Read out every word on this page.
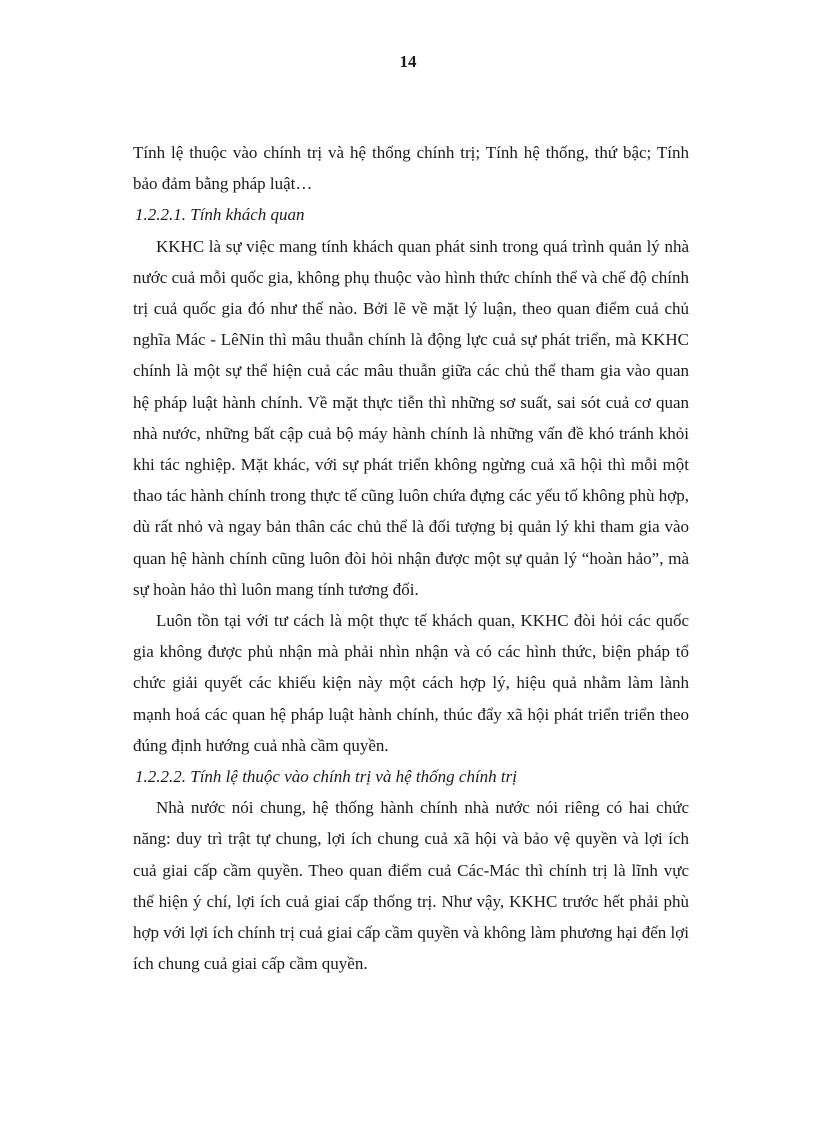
14

Tính lệ thuộc vào chính trị và hệ thống chính trị; Tính hệ thống, thứ bậc; Tính bảo đảm bằng pháp luật…

1.2.2.1. Tính khách quan

KKHC là sự việc mang tính khách quan phát sinh trong quá trình quản lý nhà nước cuả mỗi quốc gia, không phụ thuộc vào hình thức chính thể và chế độ chính trị cuả quốc gia đó như thế nào. Bởi lẽ về mặt lý luận, theo quan điểm cuả chủ nghĩa Mác - LêNin thì mâu thuẫn chính là động lực cuả sự phát triển, mà KKHC chính là một sự thể hiện cuả các mâu thuẫn giữa các chủ thể tham gia vào quan hệ pháp luật hành chính. Về mặt thực tiễn thì những sơ suất, sai sót cuả cơ quan nhà nước, những bất cập cuả bộ máy hành chính là những vấn đề khó tránh khỏi khi tác nghiệp. Mặt khác, với sự phát triển không ngừng cuả xã hội thì mỗi một thao tác hành chính trong thực tế cũng luôn chứa đựng các yếu tố không phù hợp, dù rất nhỏ và ngay bản thân các chủ thể là đối tượng bị quản lý khi tham gia vào quan hệ hành chính cũng luôn đòi hỏi nhận được một sự quản lý “hoàn hảo”, mà sự hoàn hảo thì luôn mang tính tương đối.

Luôn tồn tại với tư cách là một thực tế khách quan, KKHC đòi hỏi các quốc gia không được phủ nhận mà phải nhìn nhận và có các hình thức, biện pháp tổ chức giải quyết các khiếu kiện này một cách hợp lý, hiệu quả nhằm làm lành mạnh hoá các quan hệ pháp luật hành chính, thúc đẩy xã hội phát triển triển theo đúng định hướng cuả nhà cầm quyền.

1.2.2.2. Tính lệ thuộc vào chính trị và hệ thống chính trị

Nhà nước nói chung, hệ thống hành chính nhà nước nói riêng có hai chức năng: duy trì trật tự chung, lợi ích chung cuả xã hội và bảo vệ quyền và lợi ích cuả giai cấp cầm quyền. Theo quan điểm cuả Các-Mác thì chính trị là lĩnh vực thể hiện ý chí, lợi ích cuả giai cấp thống trị. Như vậy, KKHC trước hết phải phù hợp với lợi ích chính trị cuả giai cấp cầm quyền và không làm phương hại đến lợi ích chung cuả giai cấp cầm quyền.
